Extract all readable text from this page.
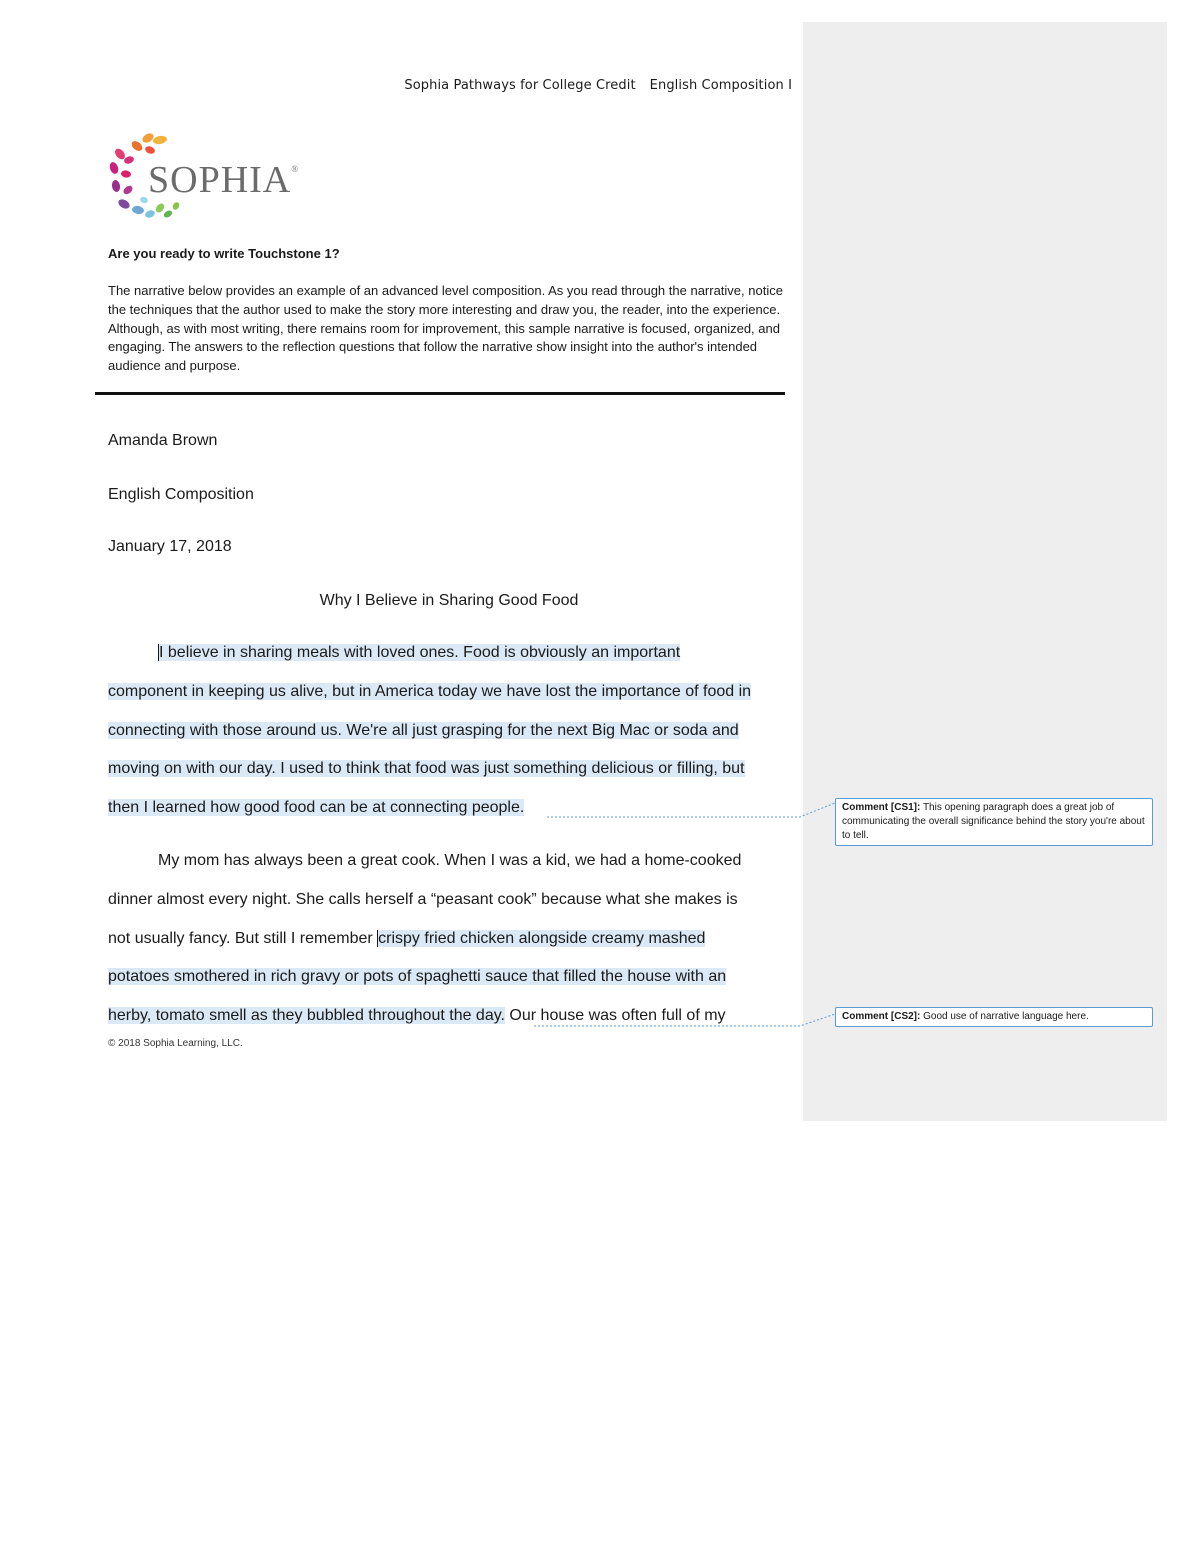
Sophia Pathways for College Credit English Composition I
SOPHIA®
Are you ready to write Touchstone 1?
The narrative below provides an example of an advanced level composition. As you read through the narrative, notice the techniques that the author used to make the story more interesting and draw you, the reader, into the experience. Although, as with most writing, there remains room for improvement, this sample narrative is focused, organized, and engaging. The answers to the reflection questions that follow the narrative show insight into the author's intended audience and purpose.
Amanda Brown
English Composition
January 17, 2018
Why I Believe in Sharing Good Food
I believe in sharing meals with loved ones. Food is obviously an important
component in keeping us alive, but in America today we have lost the importance of food in
connecting with those around us. We're all just grasping for the next Big Mac or soda and
moving on with our day. I used to think that food was just something delicious or filling, but
then I learned how good food can be at connecting people.
My mom has always been a great cook. When I was a kid, we had a home-cooked
dinner almost every night. She calls herself a “peasant cook” because what she makes is
not usually fancy. But still I remember crispy fried chicken alongside creamy mashed
potatoes smothered in rich gravy or pots of spaghetti sauce that filled the house with an
herby, tomato smell as they bubbled throughout the day. Our house was often full of my
© 2018 Sophia Learning, LLC.
Comment [CS1]: This opening paragraph does a great job of communicating the overall significance behind the story you're about to tell.
Comment [CS2]: Good use of narrative language here.
